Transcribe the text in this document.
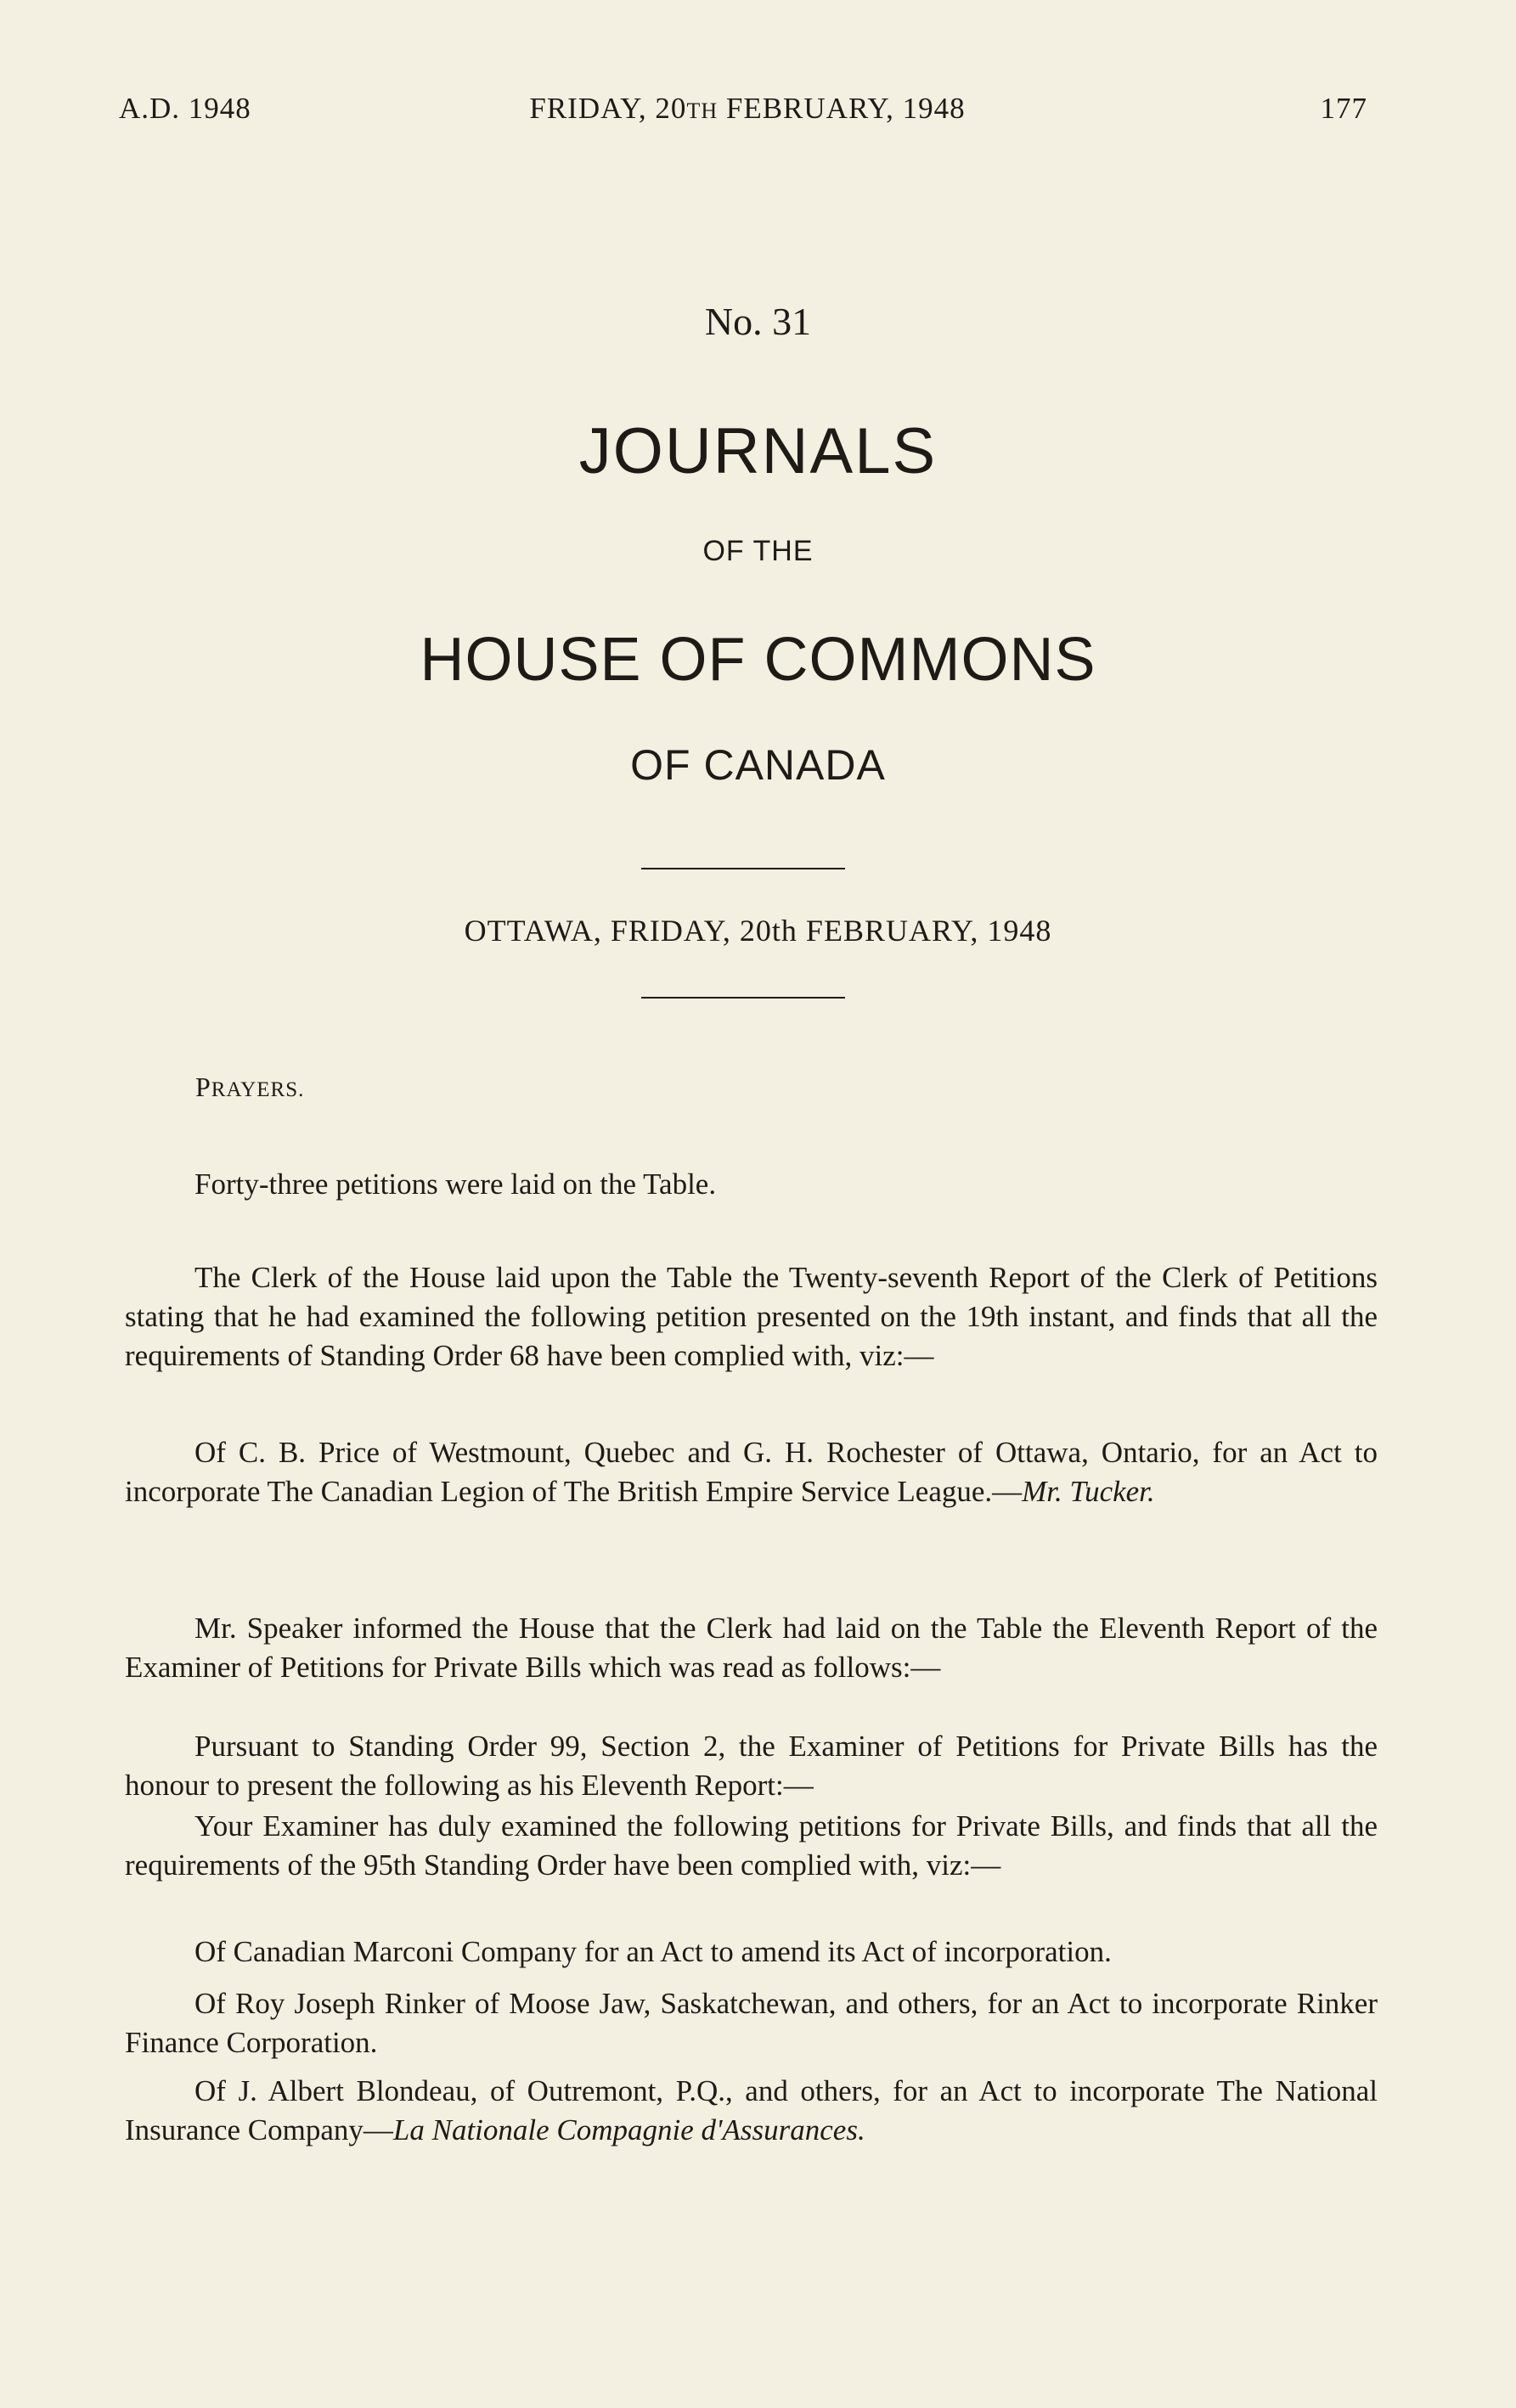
A.D. 1948	FRIDAY, 20TH FEBRUARY, 1948	177
No. 31
JOURNALS
OF THE
HOUSE OF COMMONS
OF CANADA
OTTAWA, FRIDAY, 20th FEBRUARY, 1948
PRAYERS.

Forty-three petitions were laid on the Table.

The Clerk of the House laid upon the Table the Twenty-seventh Report of the Clerk of Petitions stating that he had examined the following petition presented on the 19th instant, and finds that all the requirements of Standing Order 68 have been complied with, viz:—

Of C. B. Price of Westmount, Quebec and G. H. Rochester of Ottawa, Ontario, for an Act to incorporate The Canadian Legion of The British Empire Service League.—Mr. Tucker.

Mr. Speaker informed the House that the Clerk had laid on the Table the Eleventh Report of the Examiner of Petitions for Private Bills which was read as follows:—

Pursuant to Standing Order 99, Section 2, the Examiner of Petitions for Private Bills has the honour to present the following as his Eleventh Report:—

Your Examiner has duly examined the following petitions for Private Bills, and finds that all the requirements of the 95th Standing Order have been complied with, viz:—

Of Canadian Marconi Company for an Act to amend its Act of incorporation.

Of Roy Joseph Rinker of Moose Jaw, Saskatchewan, and others, for an Act to incorporate Rinker Finance Corporation.

Of J. Albert Blondeau, of Outremont, P.Q., and others, for an Act to incorporate The National Insurance Company—La Nationale Compagnie d'Assurances.
